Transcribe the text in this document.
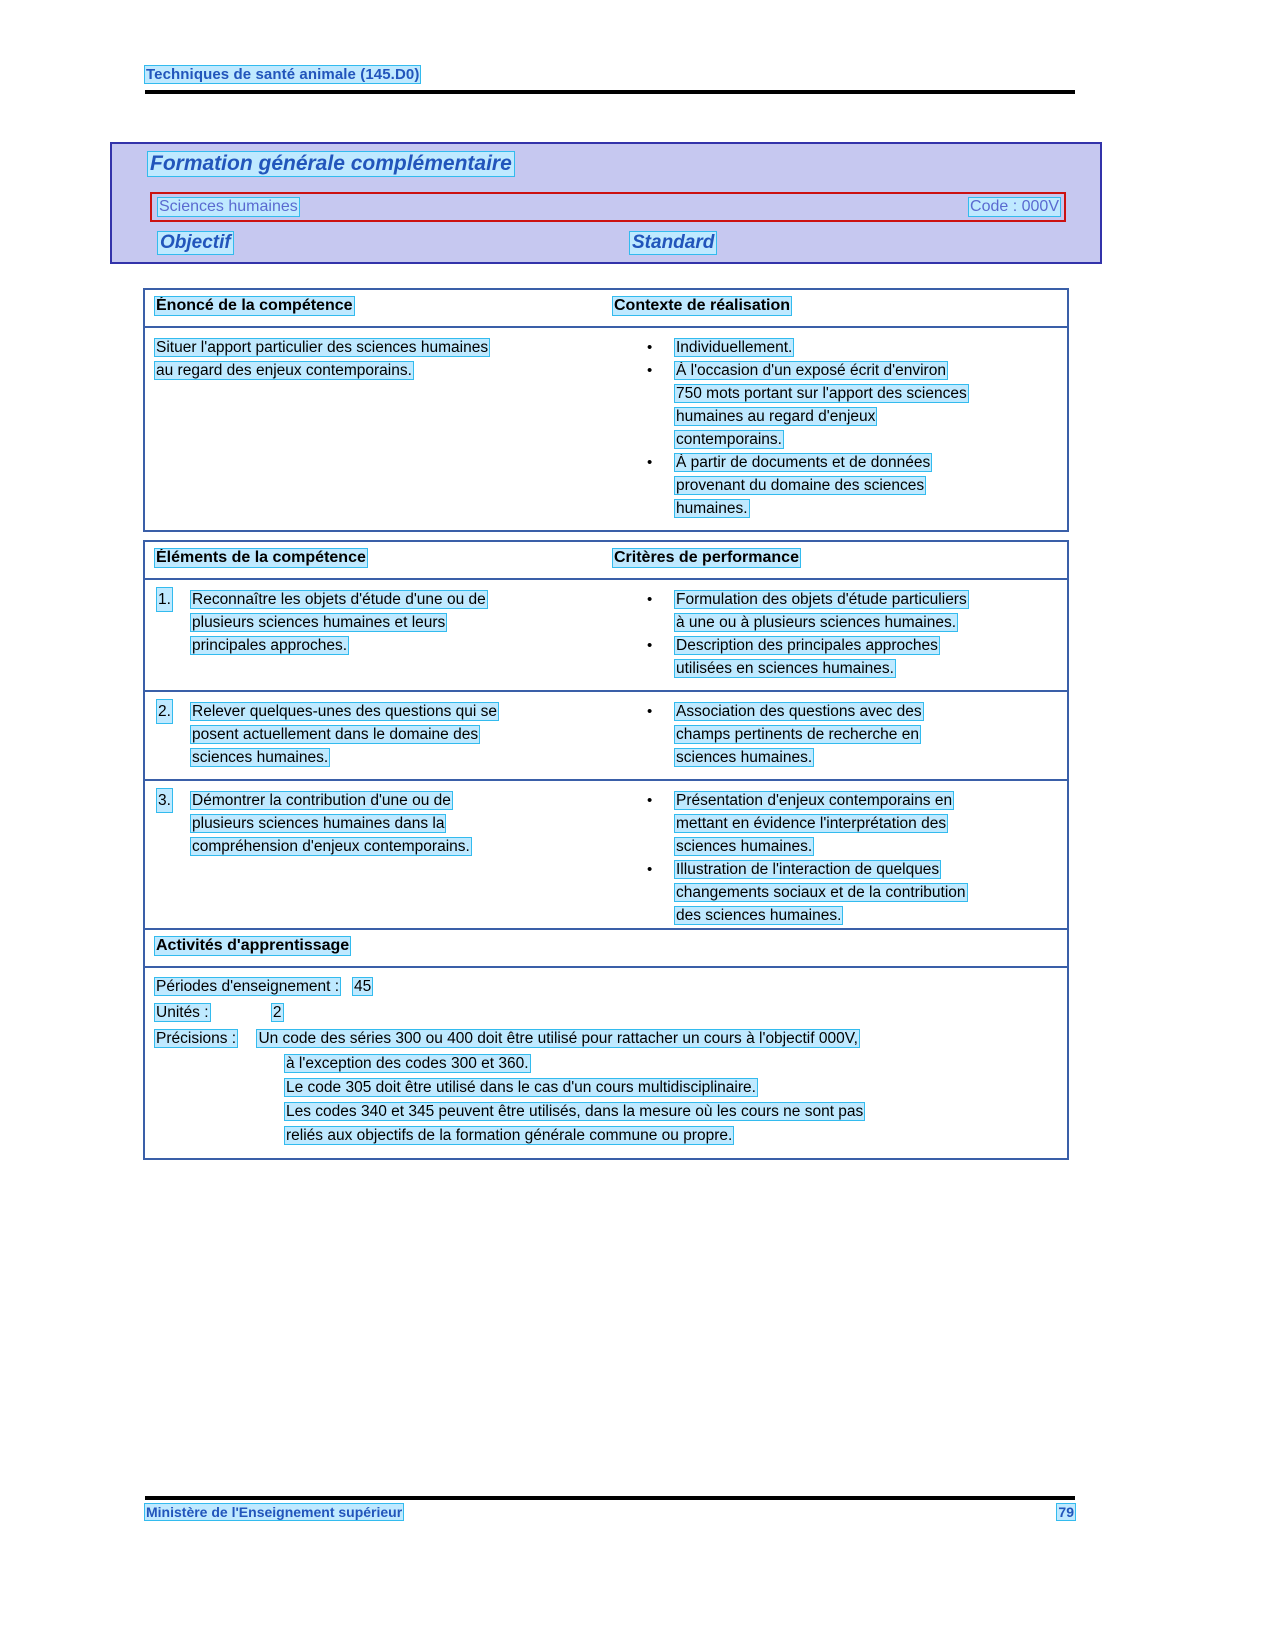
Techniques de santé animale (145.D0)
Formation générale complémentaire
Sciences humaines	Code : 000V
Objectif	Standard
Énoncé de la compétence	Contexte de réalisation
Situer l'apport particulier des sciences humaines
au regard des enjeux contemporains.
• Individuellement.
• À l'occasion d'un exposé écrit d'environ
750 mots portant sur l'apport des sciences
humaines au regard d'enjeux
contemporains.
• À partir de documents et de données
provenant du domaine des sciences
humaines.
Éléments de la compétence	Critères de performance
1. Reconnaître les objets d'étude d'une ou de
plusieurs sciences humaines et leurs
principales approches.
• Formulation des objets d'étude particuliers
à une ou à plusieurs sciences humaines.
• Description des principales approches
utilisées en sciences humaines.
2. Relever quelques-unes des questions qui se
posent actuellement dans le domaine des
sciences humaines.
• Association des questions avec des
champs pertinents de recherche en
sciences humaines.
3. Démontrer la contribution d'une ou de
plusieurs sciences humaines dans la
compréhension d'enjeux contemporains.
• Présentation d'enjeux contemporains en
mettant en évidence l'interprétation des
sciences humaines.
• Illustration de l'interaction de quelques
changements sociaux et de la contribution
des sciences humaines.
Activités d'apprentissage
Périodes d'enseignement : 45
Unités :	2
Précisions : Un code des séries 300 ou 400 doit être utilisé pour rattacher un cours à l'objectif 000V,
à l'exception des codes 300 et 360.
Le code 305 doit être utilisé dans le cas d'un cours multidisciplinaire.
Les codes 340 et 345 peuvent être utilisés, dans la mesure où les cours ne sont pas
reliés aux objectifs de la formation générale commune ou propre.
Ministère de l'Enseignement supérieur	79
